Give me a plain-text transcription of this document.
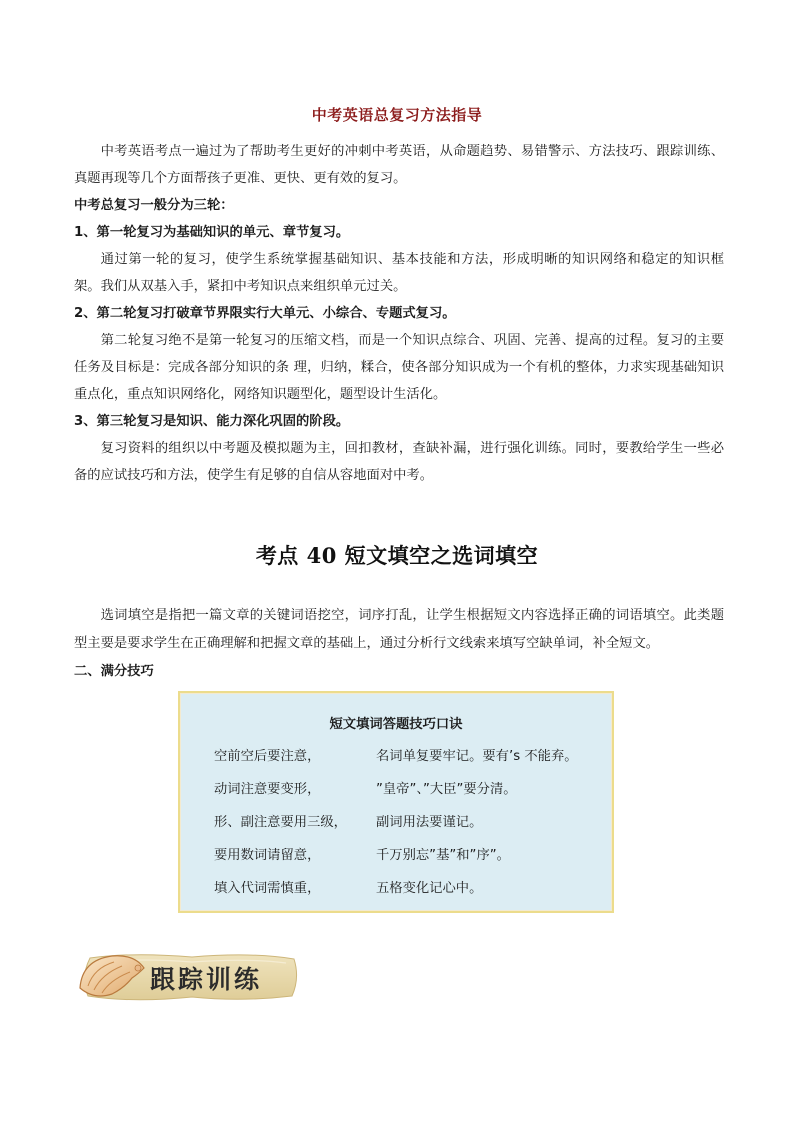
中考英语总复习方法指导

中考英语考点一遍过为了帮助考生更好的冲刺中考英语，从命题趋势、易错警示、方法技巧、跟踪训练、真题再现等几个方面帮孩子更准、更快、更有效的复习。

中考总复习一般分为三轮：

1、第一轮复习为基础知识的单元、章节复习。

通过第一轮的复习，使学生系统掌握基础知识、基本技能和方法，形成明晰的知识网络和稳定的知识框架。我们从双基入手，紧扣中考知识点来组织单元过关。

2、第二轮复习打破章节界限实行大单元、小综合、专题式复习。

第二轮复习绝不是第一轮复习的压缩文档，而是一个知识点综合、巩固、完善、提高的过程。复习的主要任务及目标是：完成各部分知识的条 理，归纳，糅合，使各部分知识成为一个有机的整体，力求实现基础知识重点化，重点知识网络化，网络知识题型化，题型设计生活化。

3、第三轮复习是知识、能力深化巩固的阶段。

复习资料的组织以中考题及模拟题为主，回扣教材，查缺补漏，进行强化训练。同时，要教给学生一些必备的应试技巧和方法，使学生有足够的自信从容地面对中考。

考点 40 短文填空之选词填空

选词填空是指把一篇文章的关键词语挖空，词序打乱，让学生根据短文内容选择正确的词语填空。此类题型主要是要求学生在正确理解和把握文章的基础上，通过分析行文线索来填写空缺单词，补全短文。

二、满分技巧

短文填词答题技巧口诀
空前空后要注意，	名词单复要牢记。要有’s 不能弃。
动词注意要变形，	”皇帝”、”大臣”要分清。
形、副注意要用三级， 副词用法要谨记。
要用数词请留意，	千万别忘”基”和”序”。
填入代词需慎重，	五格变化记心中。
跟踪训练
